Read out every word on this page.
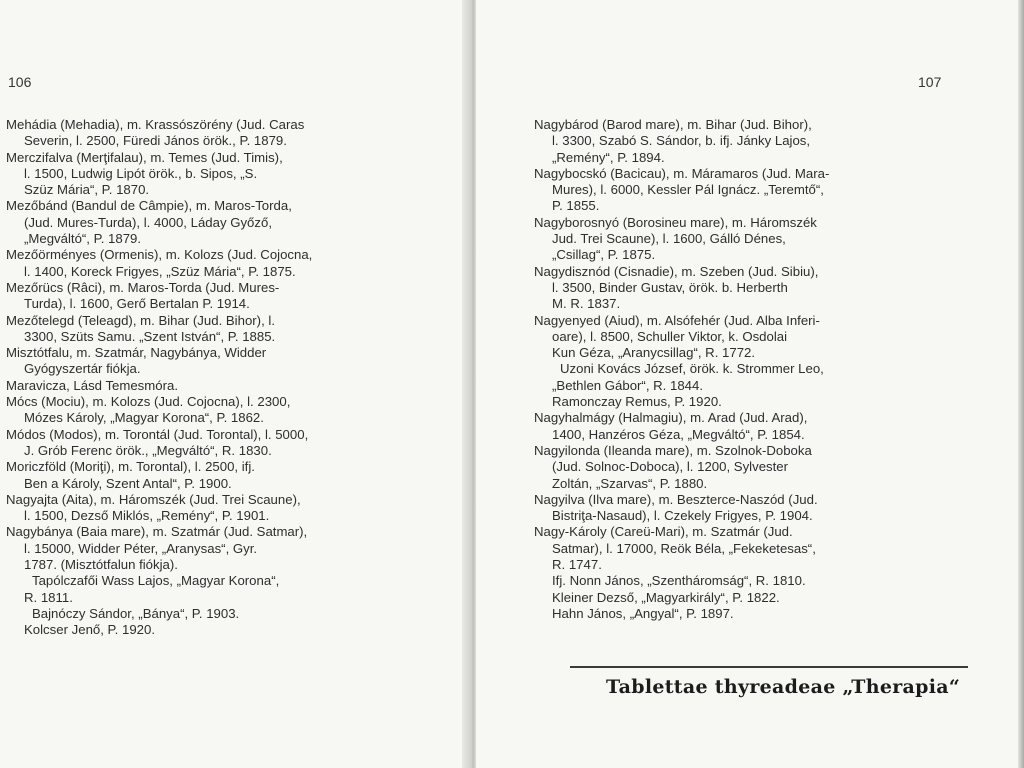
106
Mehádia (Mehadia), m. Krassószörény (Jud. Caras
Severin, l. 2500, Füredi János örök., P. 1879.
Merczifalva (Merţifalau), m. Temes (Jud. Timis),
l. 1500, Ludwig Lipót örök., b. Sipos, „S.
Szüz Mária“, P. 1870.
Mezőbánd (Bandul de Câmpie), m. Maros-Torda,
(Jud. Mures-Turda), l. 4000, Láday Győző,
„Megváltó“, P. 1879.
Mezőörményes (Ormenis), m. Kolozs (Jud. Cojocna,
l. 1400, Koreck Frigyes, „Szüz Mária“, P. 1875.
Mezőrücs (Râci), m. Maros-Torda (Jud. Mures-
Turda), l. 1600, Gerő Bertalan P. 1914.
Mezőtelegd (Teleagd), m. Bihar (Jud. Bihor), l.
3300, Szüts Samu. „Szent István“, P. 1885.
Misztótfalu, m. Szatmár, Nagybánya, Widder
Gyógyszertár fiókja.
Maravicza, Lásd Temesmóra.
Mócs (Mociu), m. Kolozs (Jud. Cojocna), l. 2300,
Mózes Károly, „Magyar Korona“, P. 1862.
Módos (Modos), m. Torontál (Jud. Torontal), l. 5000,
J. Grób Ferenc örök., „Megváltó“, R. 1830.
Moriczföld (Moriţi), m. Torontal), l. 2500, ifj.
Ben a Károly, Szent Antal“, P. 1900.
Nagyajta (Aita), m. Háromszék (Jud. Trei Scaune),
l. 1500, Dezső Miklós, „Remény“, P. 1901.
Nagybánya (Baia mare), m. Szatmár (Jud. Satmar),
l. 15000, Widder Péter, „Aranysas“, Gyr.
1787. (Misztótfalun fiókja).
Tapólczafői Wass Lajos, „Magyar Korona“,
R. 1811.
Bajnóczy Sándor, „Bánya“, P. 1903.
Kolcser Jenő, P. 1920.
107
Nagybárod (Barod mare), m. Bihar (Jud. Bihor),
l. 3300, Szabó S. Sándor, b. ifj. Jánky Lajos,
„Remény“, P. 1894.
Nagybocskó (Bacicau), m. Máramaros (Jud. Mara-
Mures), l. 6000, Kessler Pál Ignácz. „Teremtő“,
P. 1855.
Nagyborosnyó (Borosineu mare), m. Háromszék
Jud. Trei Scaune), l. 1600, Gálló Dénes,
„Csillag“, P. 1875.
Nagydisznód (Cisnadie), m. Szeben (Jud. Sibiu),
l. 3500, Binder Gustav, örök. b. Herberth
M. R. 1837.
Nagyenyed (Aiud), m. Alsófehér (Jud. Alba Inferi-
oare), l. 8500, Schuller Viktor, k. Osdolai
Kun Géza, „Aranycsillag“, R. 1772.
Uzoni Kovács József, örök. k. Strommer Leo,
„Bethlen Gábor“, R. 1844.
Ramonczay Remus, P. 1920.
Nagyhalmágy (Halmagiu), m. Arad (Jud. Arad),
1400, Hanzéros Géza, „Megváltó“, P. 1854.
Nagyilonda (Ileanda mare), m. Szolnok-Doboka
(Jud. Solnoc-Doboca), l. 1200, Sylvester
Zoltán, „Szarvas“, P. 1880.
Nagyilva (Ilva mare), m. Beszterce-Naszód (Jud.
Bistriţa-Nasaud), l. Czekely Frigyes, P. 1904.
Nagy-Károly (Careü-Mari), m. Szatmár (Jud.
Satmar), l. 17000, Reök Béla, „Fekeketesas“,
R. 1747.
Ifj. Nonn János, „Szentháromság“, R. 1810.
Kleiner Dezső, „Magyarkirály“, P. 1822.
Hahn János, „Angyal“, P. 1897.
Tablettae thyreadeae „Therapia“
